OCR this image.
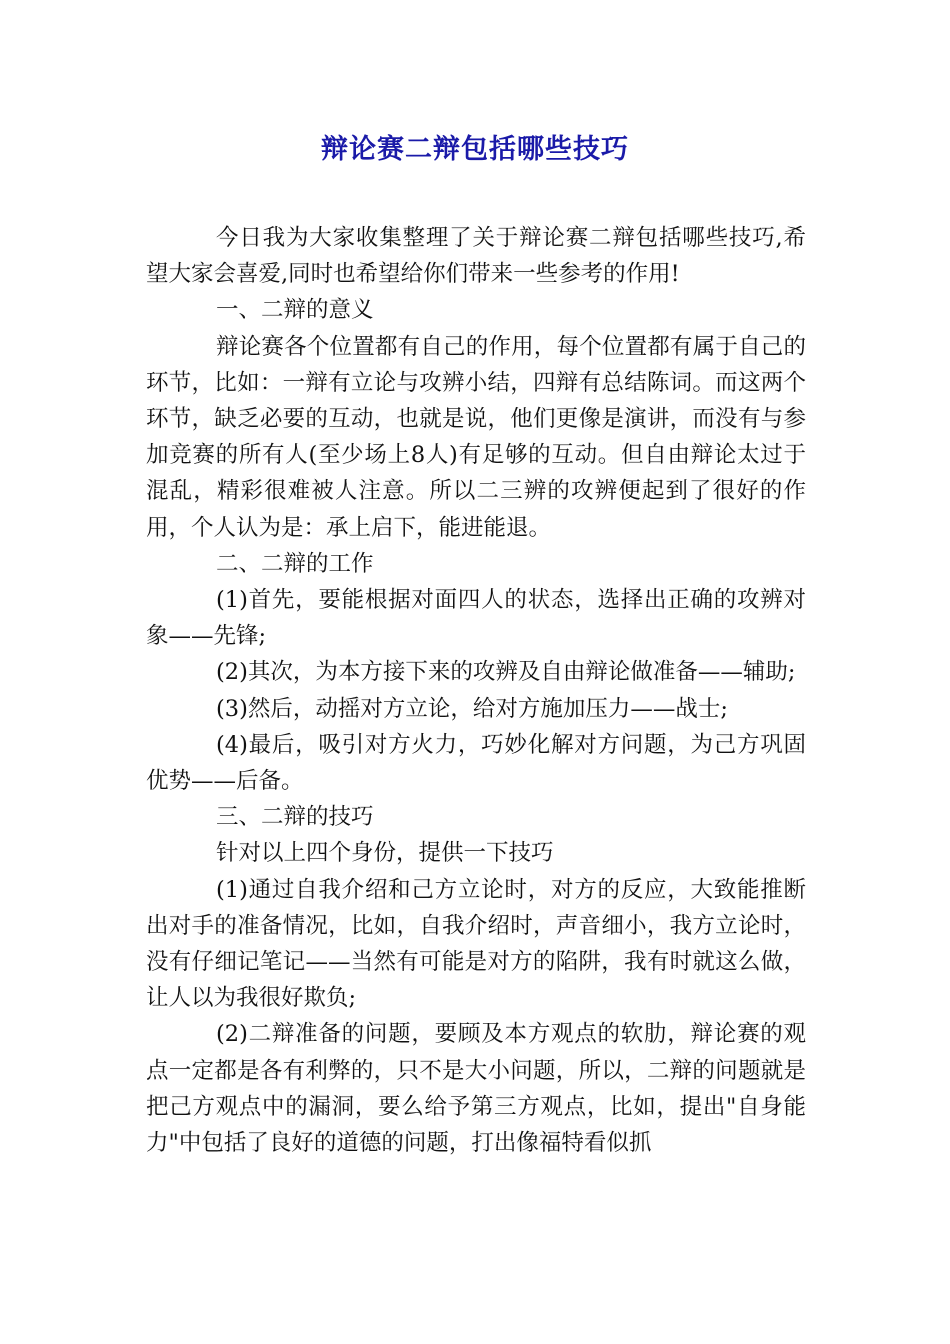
辩论赛二辩包括哪些技巧

今日我为大家收集整理了关于辩论赛二辩包括哪些技巧,希望大家会喜爱,同时也希望给你们带来一些参考的作用!

一、二辩的意义

辩论赛各个位置都有自己的作用，每个位置都有属于自己的环节，比如：一辩有立论与攻辨小结，四辩有总结陈词。而这两个环节，缺乏必要的互动，也就是说，他们更像是演讲，而没有与参加竞赛的所有人(至少场上8人)有足够的互动。但自由辩论太过于混乱，精彩很难被人注意。所以二三辨的攻辨便起到了很好的作用，个人认为是：承上启下，能进能退。

二、二辩的工作

(1)首先，要能根据对面四人的状态，选择出正确的攻辨对象——先锋;

(2)其次，为本方接下来的攻辨及自由辩论做准备——辅助;

(3)然后，动摇对方立论，给对方施加压力——战士;

(4)最后，吸引对方火力，巧妙化解对方问题，为己方巩固优势——后备。

三、二辩的技巧

针对以上四个身份，提供一下技巧

(1)通过自我介绍和己方立论时，对方的反应，大致能推断出对手的准备情况，比如，自我介绍时，声音细小，我方立论时，没有仔细记笔记——当然有可能是对方的陷阱，我有时就这么做，让人以为我很好欺负;

(2)二辩准备的问题，要顾及本方观点的软肋，辩论赛的观点一定都是各有利弊的，只不是大小问题，所以，二辩的问题就是把己方观点中的漏洞，要么给予第三方观点，比如，提出"自身能力"中包括了良好的道德的问题，打出像福特看似抓
